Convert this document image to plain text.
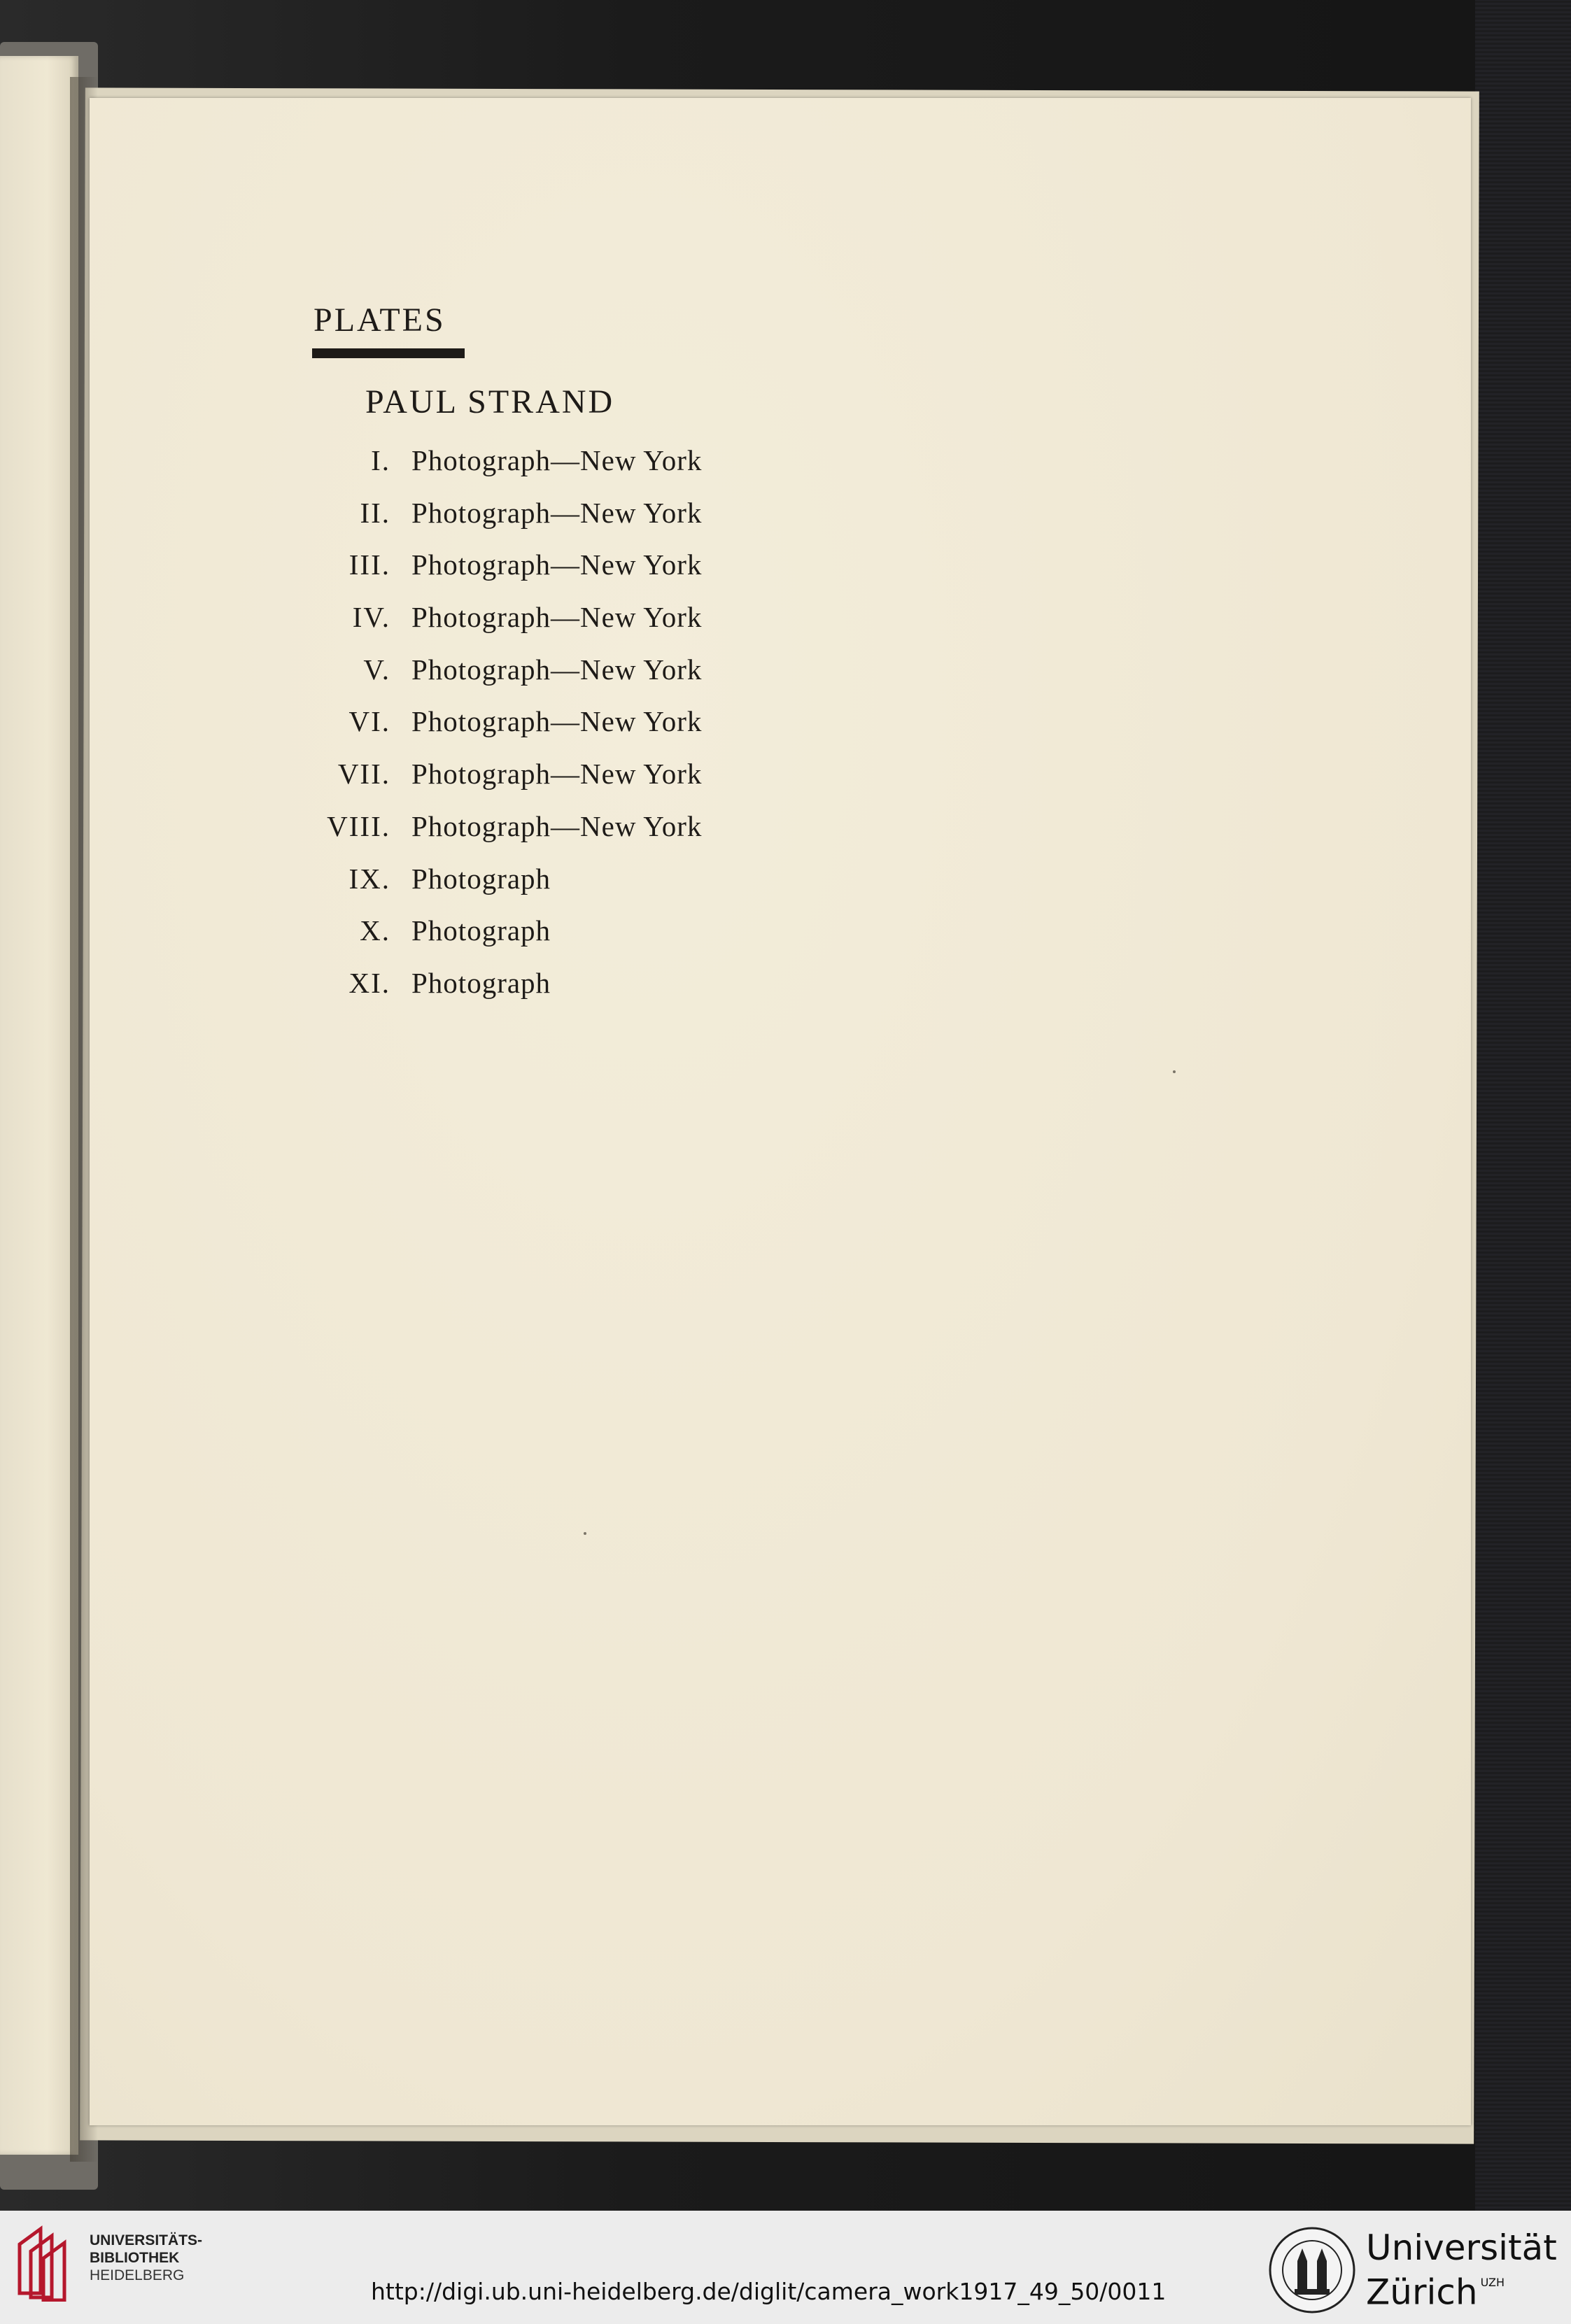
PLATES
PAUL STRAND
I. Photograph—New York
II. Photograph—New York
III. Photograph—New York
IV. Photograph—New York
V. Photograph—New York
VI. Photograph—New York
VII. Photograph—New York
VIII. Photograph—New York
IX. Photograph
X. Photograph
XI. Photograph
UNIVERSITÄTS-
BIBLIOTHEK
HEIDELBERG
http://digi.ub.uni-heidelberg.de/diglit/camera_work1917_49_50/0011
Universität
Zürich $^{UZH}$
